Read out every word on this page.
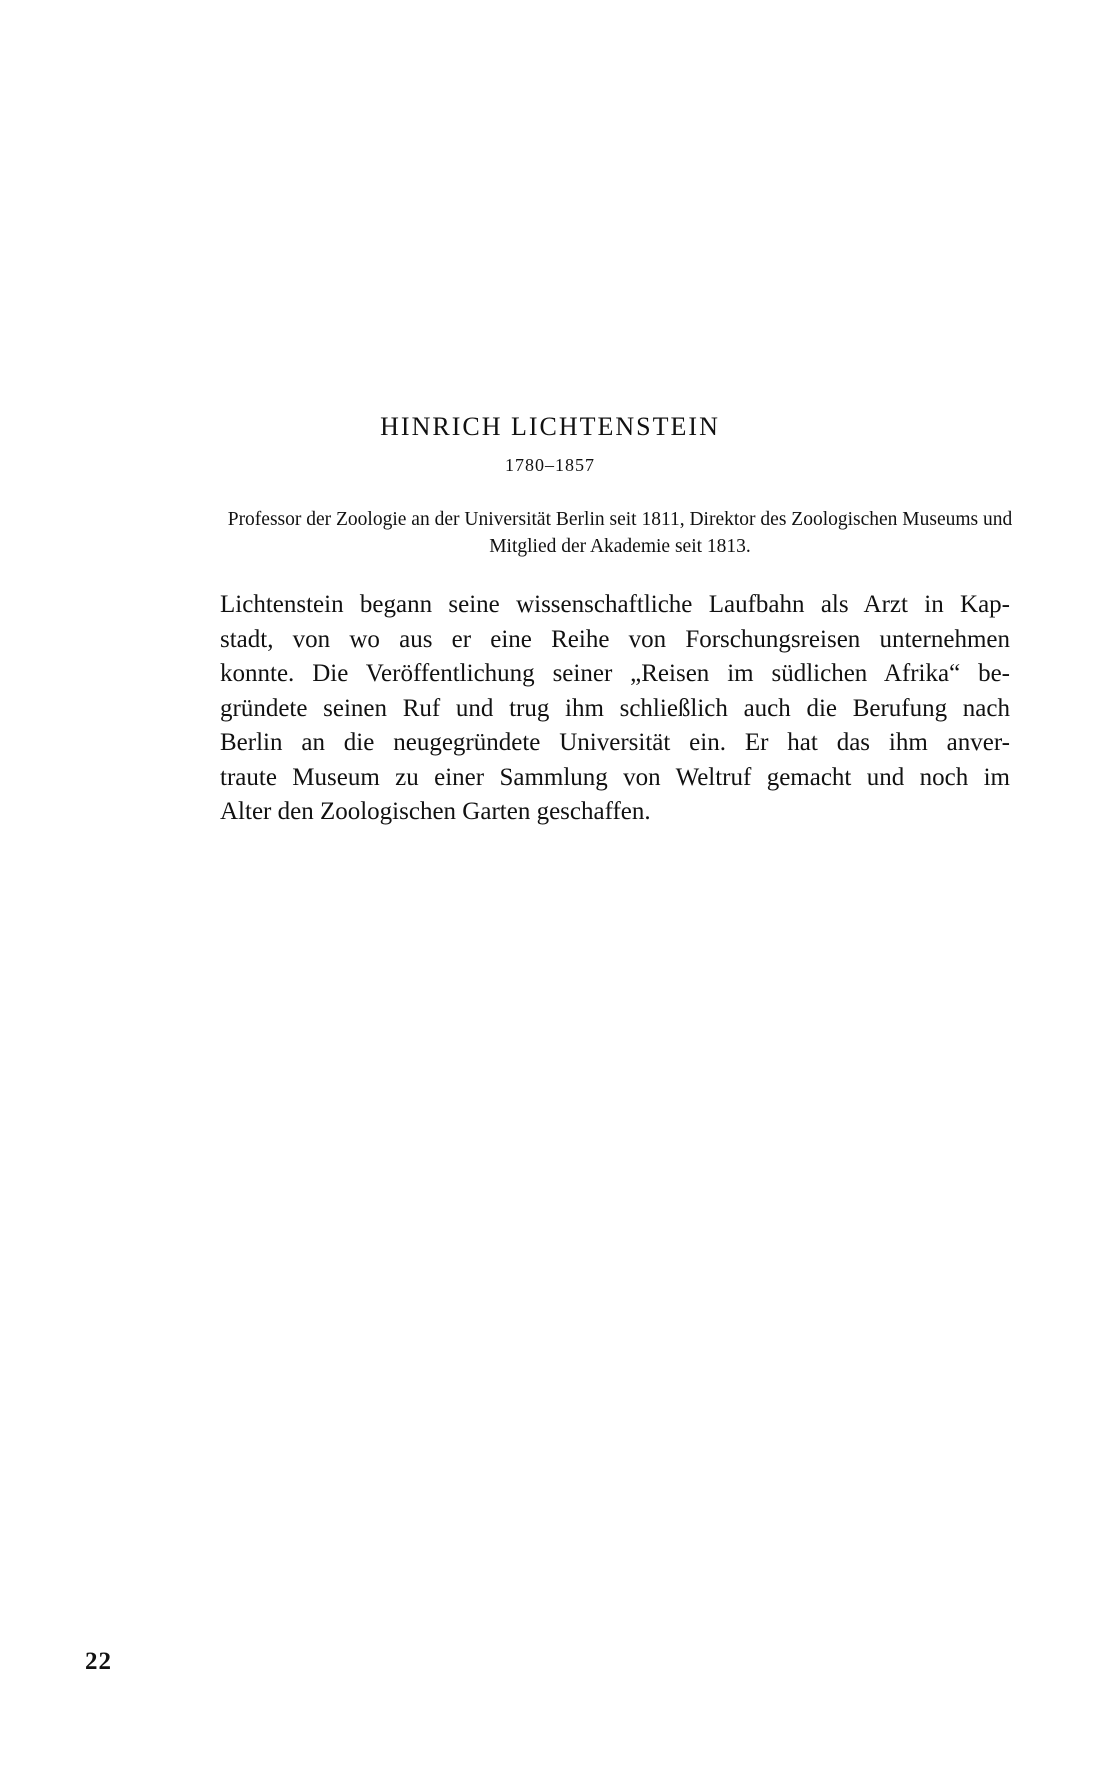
HINRICH LICHTENSTEIN
1780–1857
Professor der Zoologie an der Universität Berlin seit 1811, Direktor des Zoologischen Museums und Mitglied der Akademie seit 1813.
Lichtenstein begann seine wissenschaftliche Laufbahn als Arzt in Kap-
stadt, von wo aus er eine Reihe von Forschungsreisen unternehmen
konnte. Die Veröffentlichung seiner „Reisen im südlichen Afrika“ be-
gründete seinen Ruf und trug ihm schließlich auch die Berufung nach
Berlin an die neugegründete Universität ein. Er hat das ihm anver-
traute Museum zu einer Sammlung von Weltruf gemacht und noch im
Alter den Zoologischen Garten geschaffen.
22
